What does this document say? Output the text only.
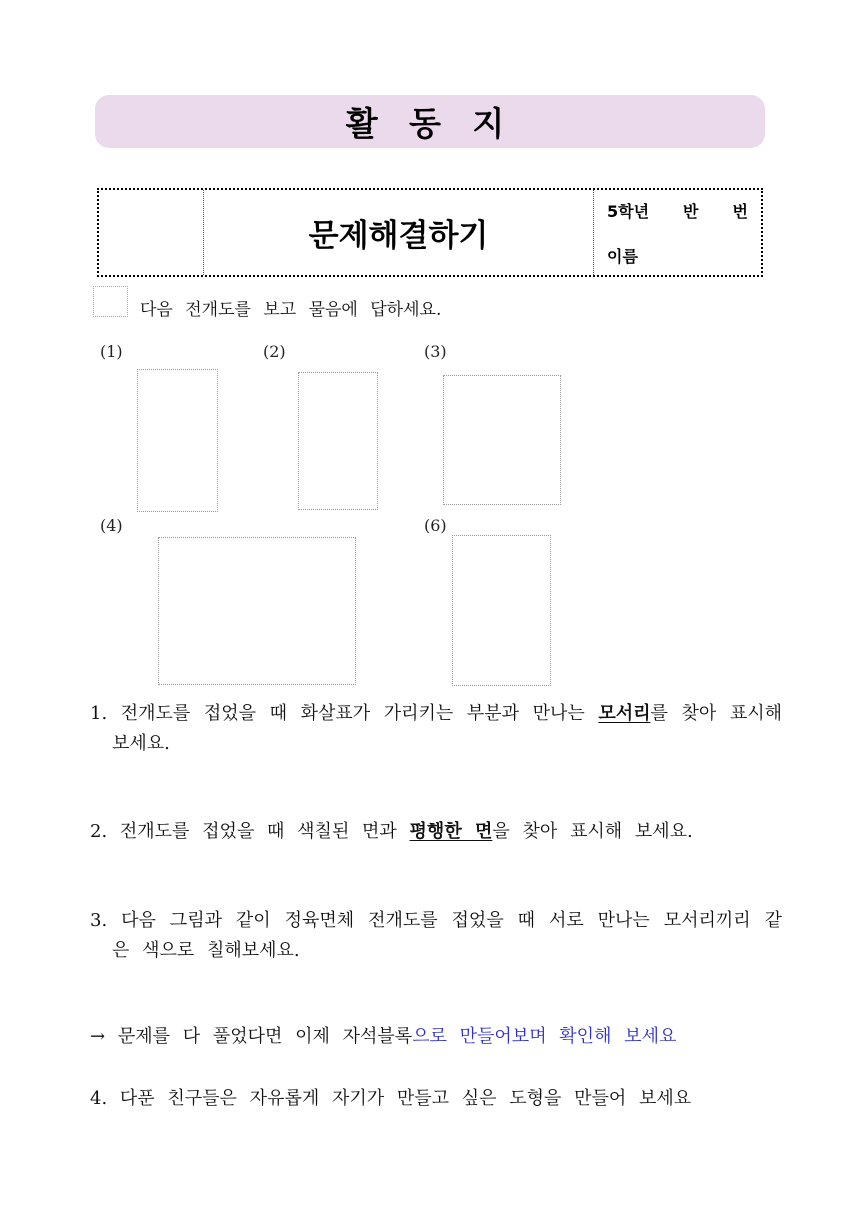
활 동 지
문제해결하기
5학년 반 번
이름
다음 전개도를 보고 물음에 답하세요.
(1)	(2)	(3)
(4)	(6)
1. 전개도를 접었을 때 화살표가 가리키는 부분과 만나는 모서리를 찾아 표시해 보세요.
2. 전개도를 접었을 때 색칠된 면과 평행한 면을 찾아 표시해 보세요.
3. 다음 그림과 같이 정육면체 전개도를 접었을 때 서로 만나는 모서리끼리 같은 색으로 칠해보세요.
→ 문제를 다 풀었다면 이제 자석블록으로 만들어보며 확인해 보세요
4. 다푼 친구들은 자유롭게 자기가 만들고 싶은 도형을 만들어 보세요
